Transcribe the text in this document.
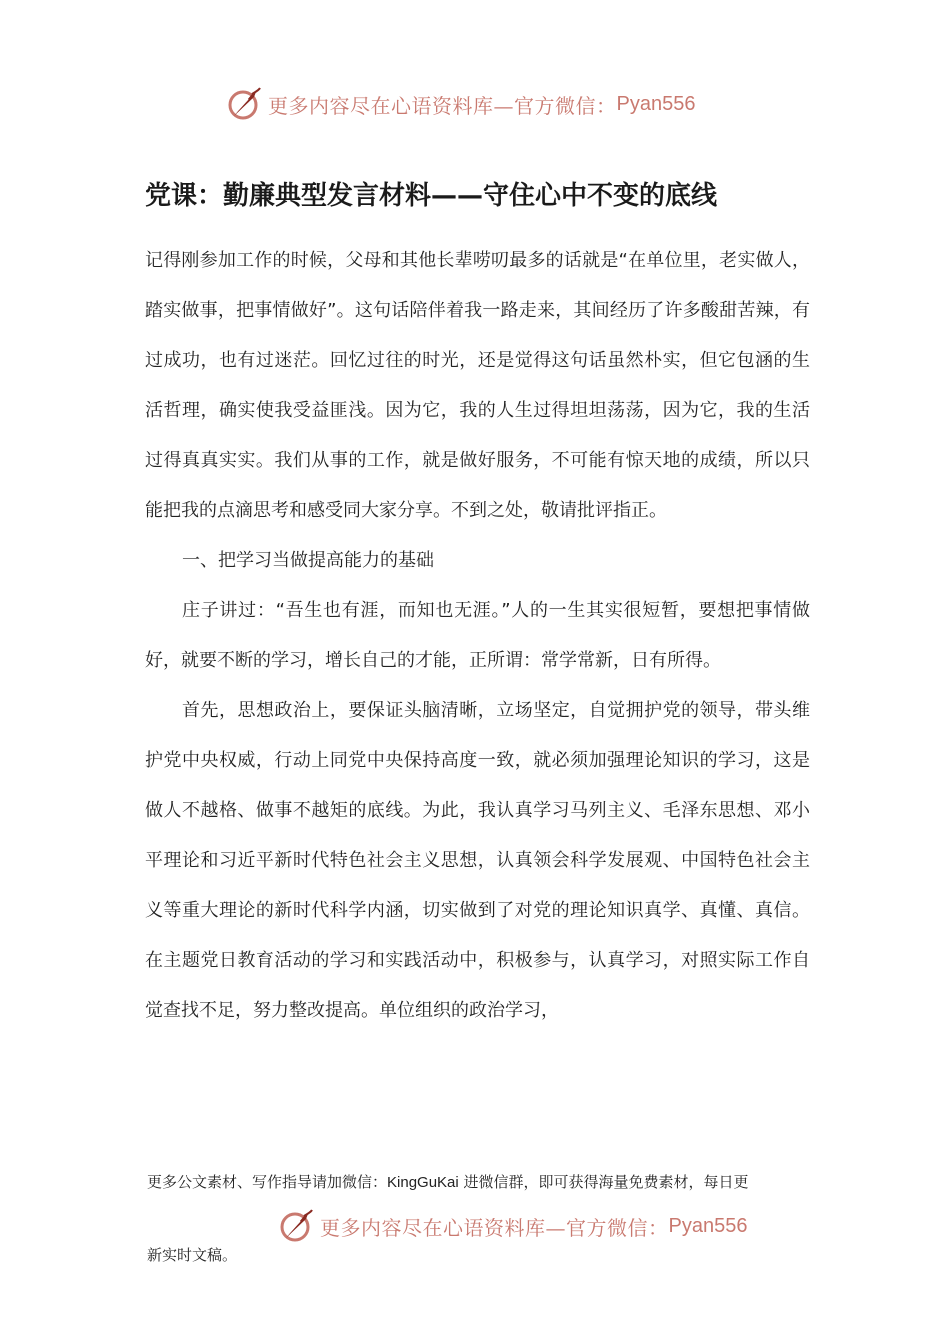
更多内容尽在心语资料库—官方微信： Pyan556
党课：勤廉典型发言材料——守住心中不变的底线

记得刚参加工作的时候，父母和其他长辈唠叨最多的话就是“在单位里，老实做人，踏实做事，把事情做好”。这句话陪伴着我一路走来，其间经历了许多酸甜苦辣，有过成功，也有过迷茫。回忆过往的时光，还是觉得这句话虽然朴实，但它包涵的生活哲理，确实使我受益匪浅。因为它，我的人生过得坦坦荡荡，因为它，我的生活过得真真实实。我们从事的工作，就是做好服务，不可能有惊天地的成绩，所以只能把我的点滴思考和感受同大家分享。不到之处，敬请批评指正。

一、把学习当做提高能力的基础

庄子讲过：“吾生也有涯，而知也无涯。”人的一生其实很短暂，要想把事情做好，就要不断的学习，增长自己的才能，正所谓：常学常新，日有所得。

首先，思想政治上，要保证头脑清晰，立场坚定，自觉拥护党的领导，带头维护党中央权威，行动上同党中央保持高度一致，就必须加强理论知识的学习，这是做人不越格、做事不越矩的底线。为此，我认真学习马列主义、毛泽东思想、邓小平理论和习近平新时代特色社会主义思想，认真领会科学发展观、中国特色社会主义等重大理论的新时代科学内涵，切实做到了对党的理论知识真学、真懂、真信。在主题党日教育活动的学习和实践活动中，积极参与，认真学习，对照实际工作自觉查找不足，努力整改提高。单位组织的政治学习，

更多公文素材、写作指导请加微信：KingGuKai 进微信群，即可获得海量免费素材，每日更
更多内容尽在心语资料库—官方微信： Pyan556
新实时文稿。
